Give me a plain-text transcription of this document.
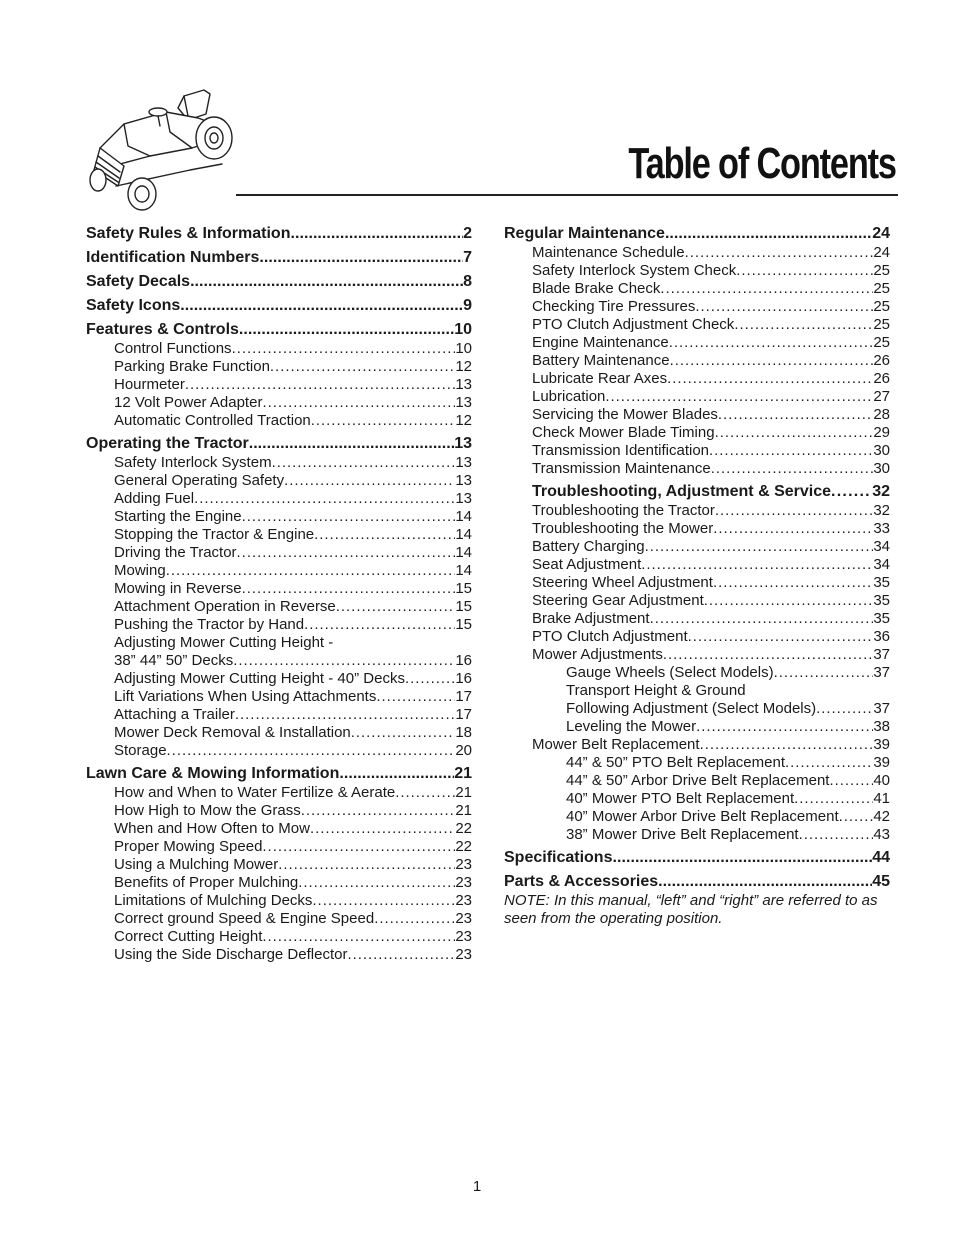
Table of Contents
Safety Rules & Information . . .	2
Identification Numbers . . .	7
Safety Decals . . .	8
Safety Icons . . .	9
Features & Controls . . .	10
Control Functions . . .	10
Parking Brake Function . . .	12
Hourmeter . . .	13
12 Volt Power Adapter . . .	13
Automatic Controlled Traction . . .	12
Operating the Tractor . . .	13
Safety Interlock System . . .	13
General Operating Safety . . .	13
Adding Fuel . . .	13
Starting the Engine . . .	14
Stopping the Tractor & Engine . . .	14
Driving the Tractor . . .	14
Mowing . . .	14
Mowing in Reverse . . .	15
Attachment Operation in Reverse . . .	15
Pushing the Tractor by Hand . . .	15
Adjusting Mower Cutting Height -
38” 44” 50” Decks . . .	16
Adjusting Mower Cutting Height - 40” Decks . . .	16
Lift Variations When Using Attachments . . .	17
Attaching a Trailer . . .	17
Mower Deck Removal & Installation . . .	18
Storage . . .	20
Lawn Care & Mowing Information . . .	21
How and When to Water Fertilize & Aerate . . .	21
How High to Mow the Grass . . .	21
When and How Often to Mow . . .	22
Proper Mowing Speed . . .	22
Using a Mulching Mower . . .	23
Benefits of Proper Mulching . . .	23
Limitations of Mulching Decks . . .	23
Correct ground Speed & Engine Speed . . .	23
Correct Cutting Height . . .	23
Using the Side Discharge Deflector . . .	23
Regular Maintenance . . .	24
Maintenance Schedule . . .	24
Safety Interlock System Check . . .	25
Blade Brake Check . . .	25
Checking Tire Pressures . . .	25
PTO Clutch Adjustment Check . . .	25
Engine Maintenance . . .	25
Battery Maintenance . . .	26
Lubricate Rear Axes . . .	26
Lubrication . . .	27
Servicing the Mower Blades . . .	28
Check Mower Blade Timing . . .	29
Transmission Identification . . .	30
Transmission Maintenance . . .	30
Troubleshooting, Adjustment & Service . . .	32
Troubleshooting the Tractor . . .	32
Troubleshooting the Mower . . .	33
Battery Charging . . .	34
Seat Adjustment . . .	34
Steering Wheel Adjustment . . .	35
Steering Gear Adjustment . . .	35
Brake Adjustment . . .	35
PTO Clutch Adjustment . . .	36
Mower Adjustments . . .	37
Gauge Wheels (Select Models) . . .	37
Transport Height & Ground
Following Adjustment (Select Models) . . .	37
Leveling the Mower . . .	38
Mower Belt Replacement . . .	39
44” & 50” PTO Belt Replacement . . .	39
44” & 50” Arbor Drive Belt Replacement . . .	40
40” Mower PTO Belt Replacement . . .	41
40” Mower Arbor Drive Belt Replacement . . . 42
38” Mower Drive Belt Replacement . . .	43
Specifications . . .	44
Parts & Accessories . . .	45
NOTE: In this manual, “left” and “right” are referred to as seen from the operating position.
1
